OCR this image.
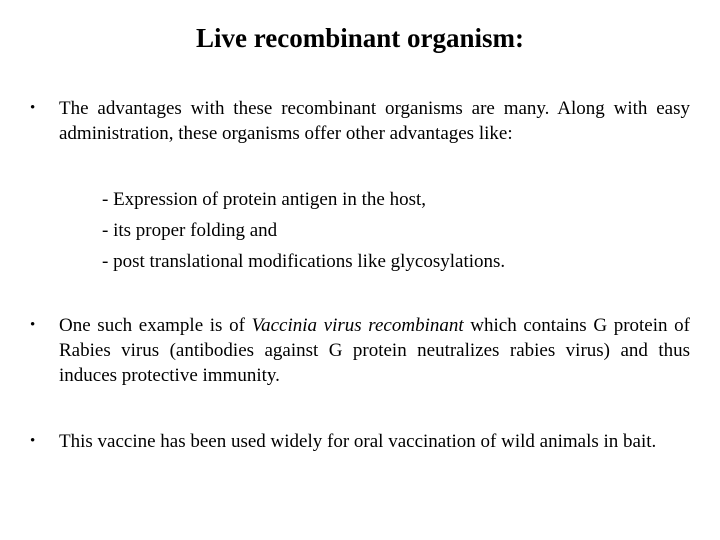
Live recombinant organism:
• The advantages with these recombinant organisms are many. Along with easy administration, these organisms offer other advantages like:
- Expression of protein antigen in the host,
- its proper folding and
- post translational modifications like glycosylations.
• One such example is of Vaccinia virus recombinant which contains G protein of Rabies virus (antibodies against G protein neutralizes rabies virus) and thus induces protective immunity.
• This vaccine has been used widely for oral vaccination of wild animals in bait.
